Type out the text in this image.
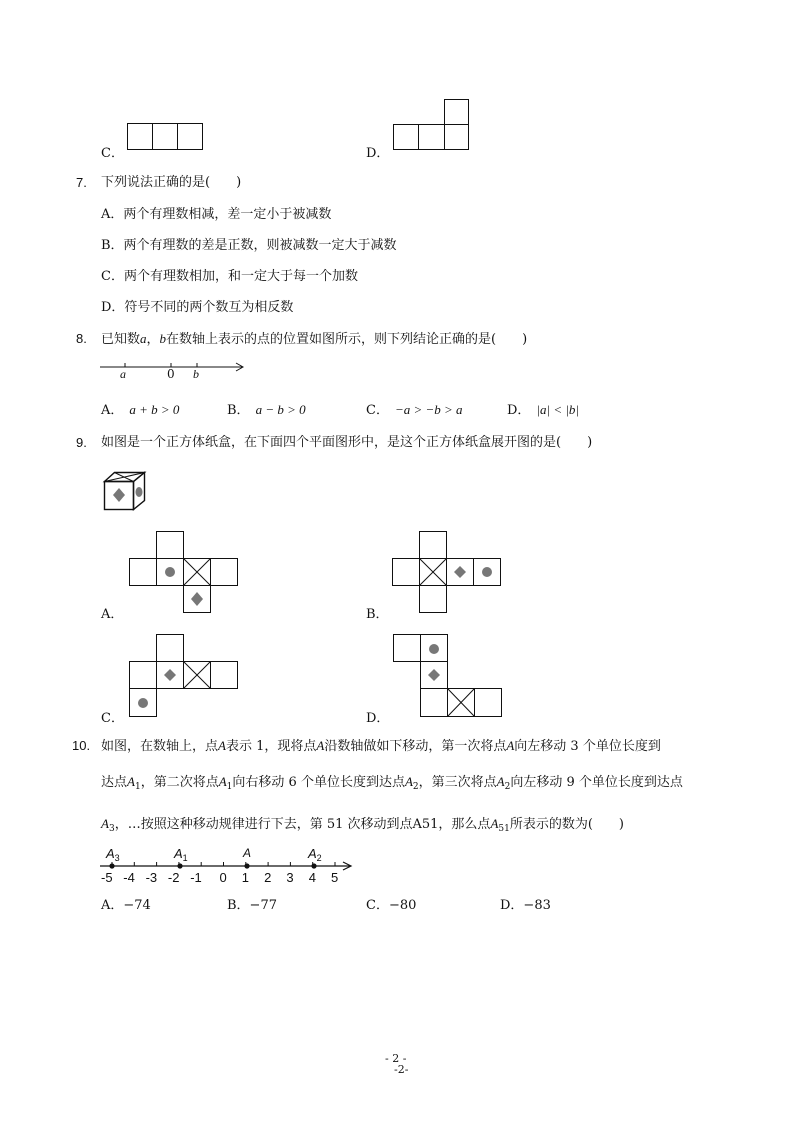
C．	D．
7. 下列说法正确的是(　　)
A．两个有理数相减，差一定小于被减数
B．两个有理数的差是正数，则被减数一定大于减数
C．两个有理数相加，和一定大于每一个加数
D．符号不同的两个数互为相反数
8. 已知数a，b在数轴上表示的点的位置如图所示，则下列结论正确的是(　　)
a	0 b
A． a + b > 0	B． a − b > 0	C． −a > −b > a	D． |a| < |b|
9. 如图是一个正方体纸盒，在下面四个平面图形中，是这个正方体纸盒展开图的是(　　)
A．	B．
C．	D．
10. 如图，在数轴上，点A表示 1，现将点A沿数轴做如下移动，第一次将点A向左移动 3 个单位长度到
达点$A_1$，第二次将点$A_1$向右移动 6 个单位长度到达点$A_2$，第三次将点$A_2$向左移动 9 个单位长度到达点
$A_3$，…按照这种移动规律进行下去，第 51 次移动到点A51，那么点$A_{51}$所表示的数为(　　)
$A_3$	$A_1$	A	$A_2$
-5 -4 -3 -2 -1 0 1 2 3 4 5
A．−74	B．−77	C．−80	D．−83
- 2 -
-2-
